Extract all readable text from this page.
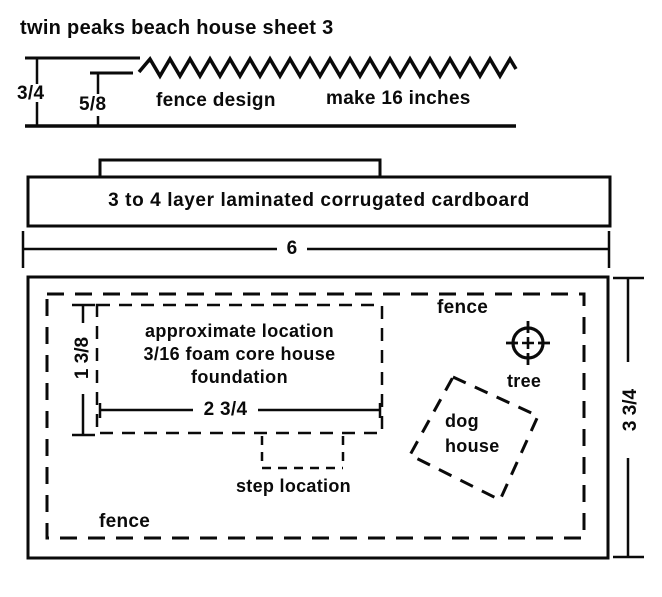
twin peaks beach house sheet 3
3/4
5/8	fence design	make 16 inches
3 to 4 layer laminated corrugated cardboard
6
3 3/4
fence
fence
approximate location
3/16 foam core house
foundation
2 3/4
1 3/8
step location
tree
dog
house
